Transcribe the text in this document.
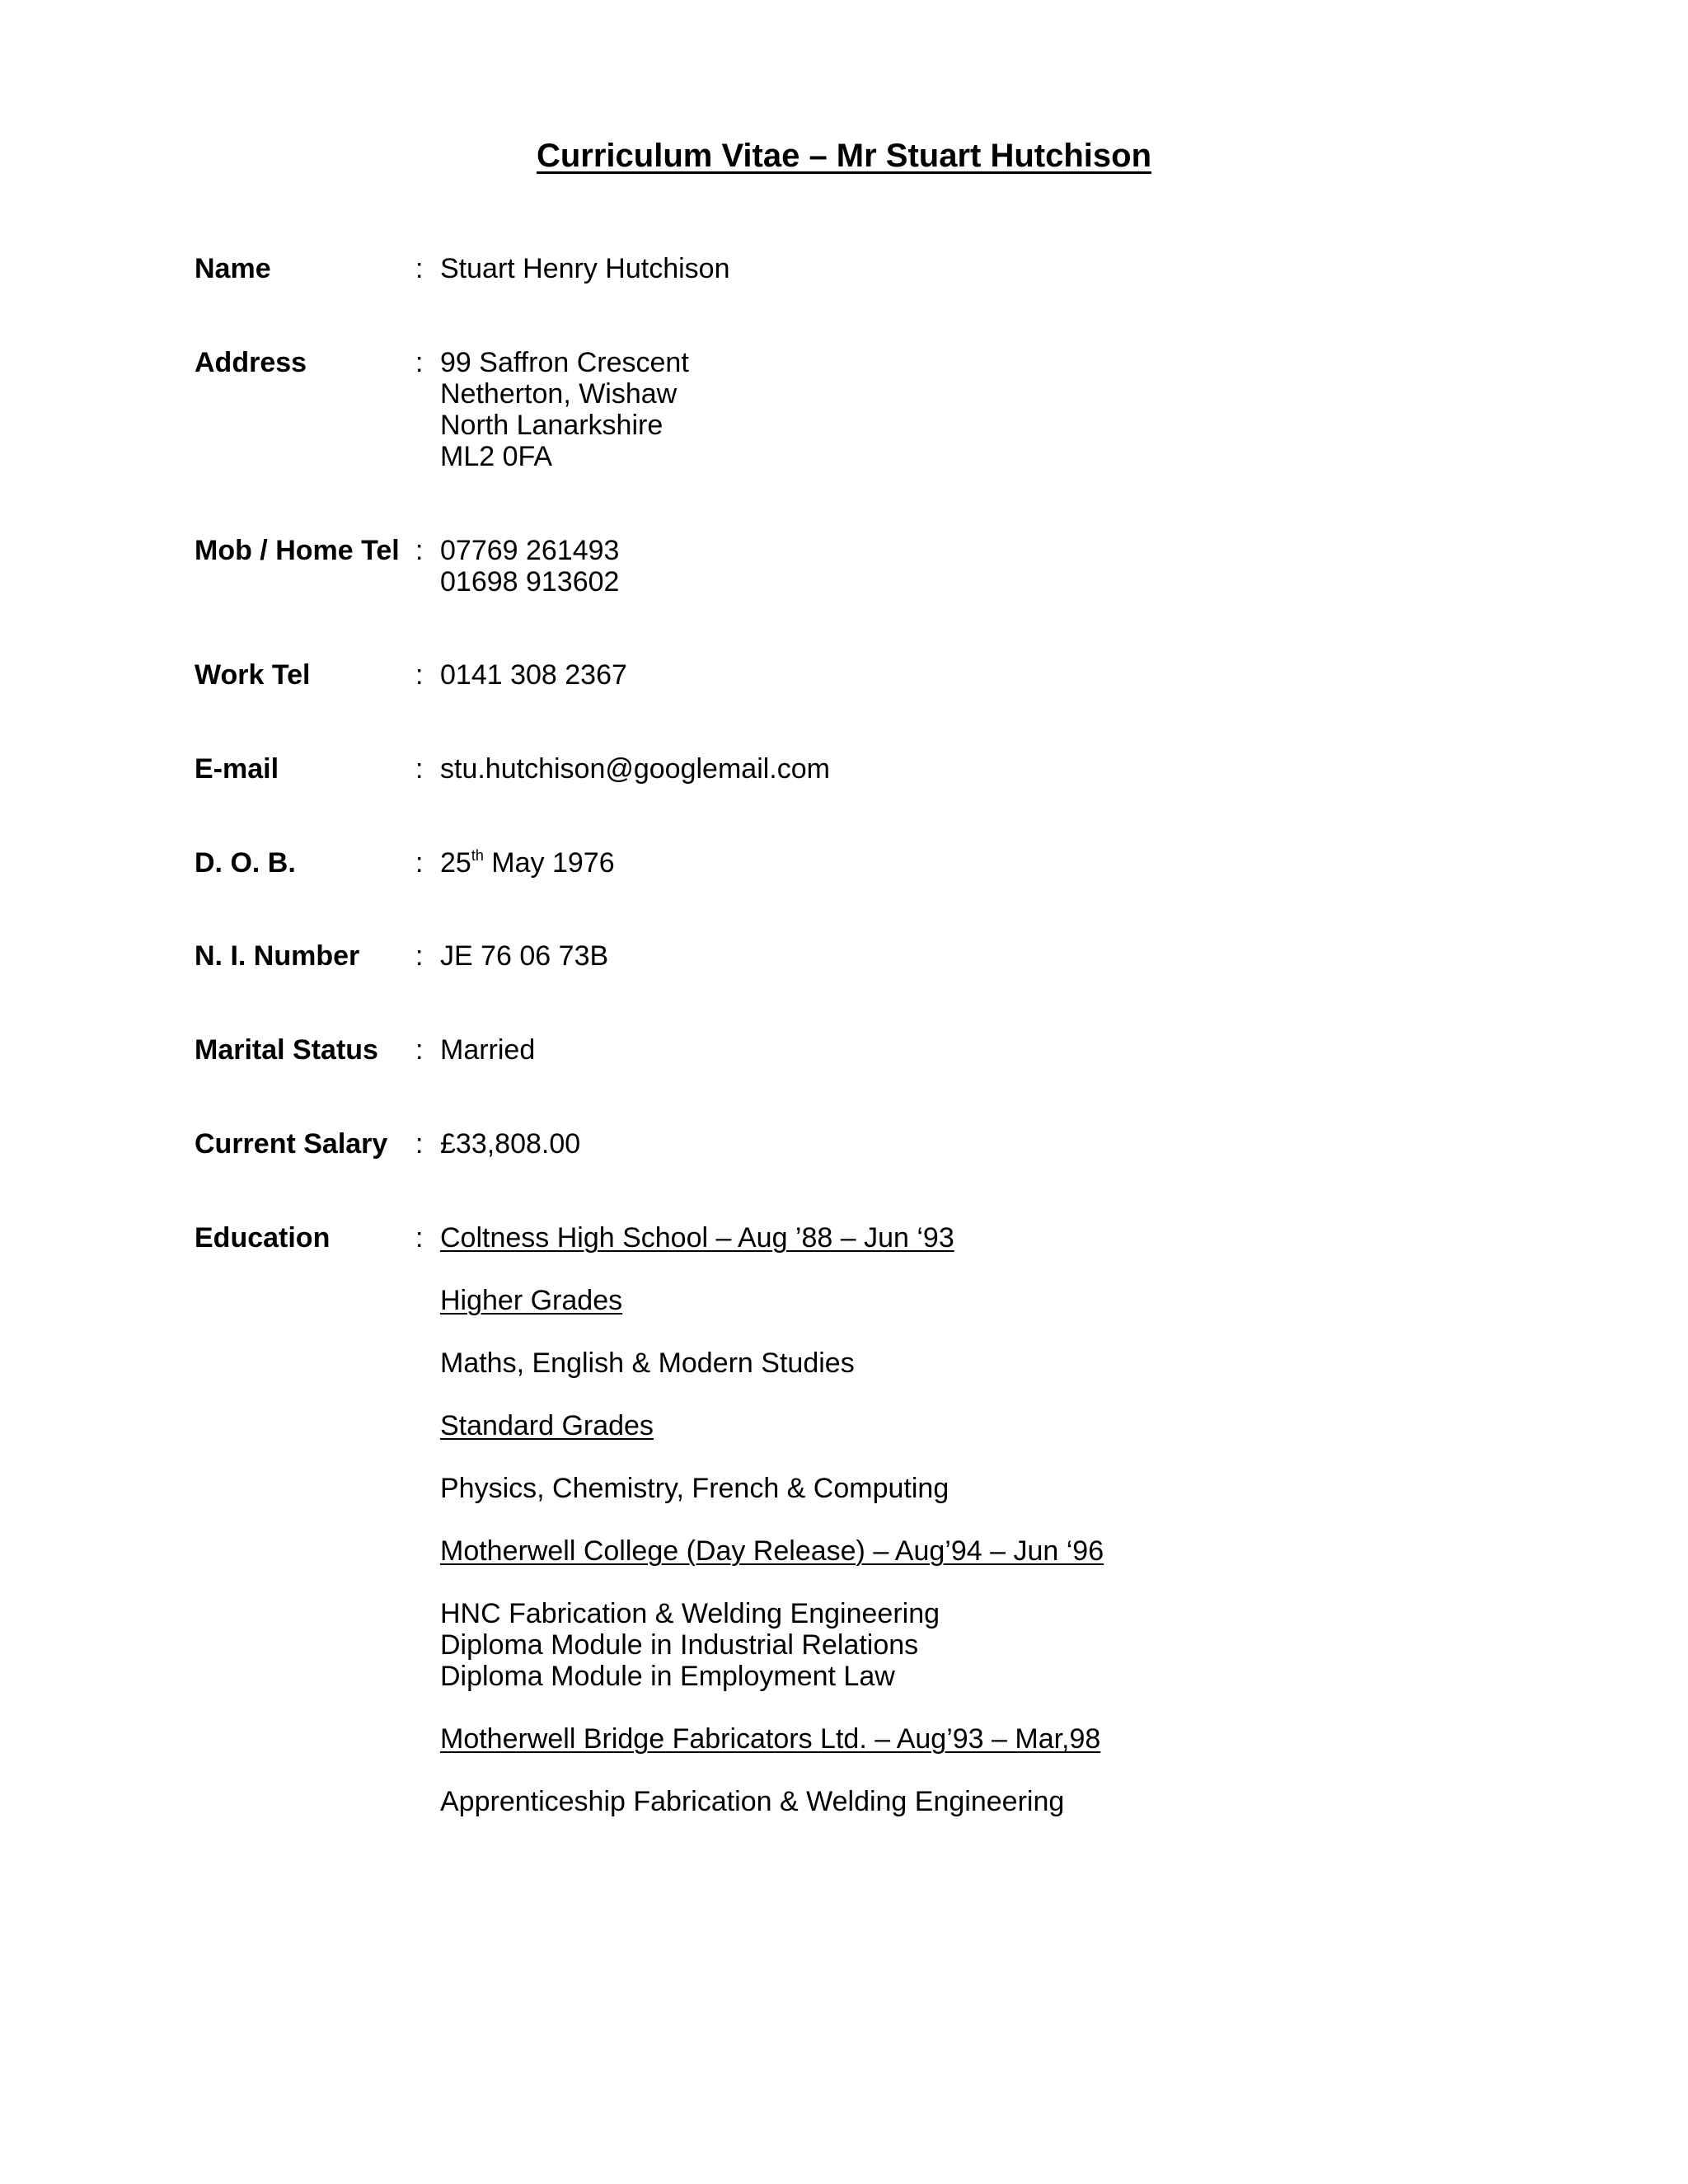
Curriculum Vitae – Mr Stuart Hutchison
Name	: Stuart Henry Hutchison
Address	: 99 Saffron Crescent
Netherton, Wishaw
North Lanarkshire
ML2 0FA
Mob / Home Tel : 07769 261493
01698 913602
Work Tel	: 0141 308 2367
E-mail	: stu.hutchison@googlemail.com
D. O. B.	: 25th May 1976
N. I. Number : JE 76 06 73B
Marital Status : Married
Current Salary : £33,808.00
Education	: Coltness High School – Aug ’88 – Jun ‘93
Higher Grades
Maths, English & Modern Studies
Standard Grades
Physics, Chemistry, French & Computing
Motherwell College (Day Release) – Aug’94 – Jun ‘96
HNC Fabrication & Welding Engineering
Diploma Module in Industrial Relations
Diploma Module in Employment Law
Motherwell Bridge Fabricators Ltd. – Aug’93 – Mar,98
Apprenticeship Fabrication & Welding Engineering
